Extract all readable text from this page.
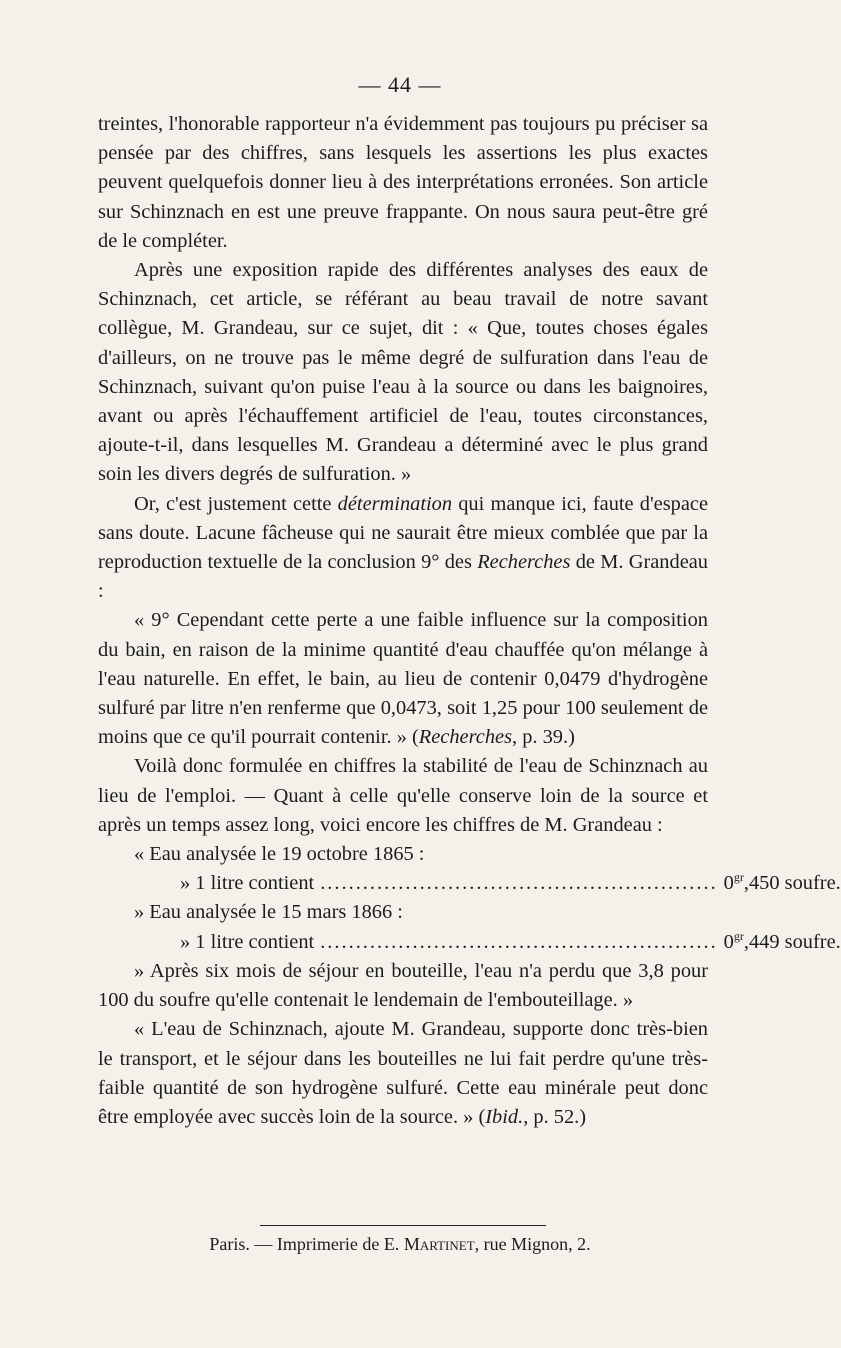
— 44 —

treintes, l'honorable rapporteur n'a évidemment pas toujours pu préciser sa pensée par des chiffres, sans lesquels les assertions les plus exactes peuvent quelquefois donner lieu à des interprétations erronées. Son article sur Schinznach en est une preuve frappante. On nous saura peut-être gré de le compléter.

Après une exposition rapide des différentes analyses des eaux de Schinznach, cet article, se référant au beau travail de notre savant collègue, M. Grandeau, sur ce sujet, dit : « Que, toutes choses égales d'ailleurs, on ne trouve pas le même degré de sulfuration dans l'eau de Schinznach, suivant qu'on puise l'eau à la source ou dans les baignoires, avant ou après l'échauffement artificiel de l'eau, toutes circonstances, ajoute-t-il, dans lesquelles M. Grandeau a déterminé avec le plus grand soin les divers degrés de sulfuration. »

Or, c'est justement cette détermination qui manque ici, faute d'espace sans doute. Lacune fâcheuse qui ne saurait être mieux comblée que par la reproduction textuelle de la conclusion 9° des Recherches de M. Grandeau :

« 9° Cependant cette perte a une faible influence sur la composition du bain, en raison de la minime quantité d'eau chauffée qu'on mélange à l'eau naturelle. En effet, le bain, au lieu de contenir 0,0479 d'hydrogène sulfuré par litre n'en renferme que 0,0473, soit 1,25 pour 100 seulement de moins que ce qu'il pourrait contenir. » (Recherches, p. 39.)

Voilà donc formulée en chiffres la stabilité de l'eau de Schinznach au lieu de l'emploi. — Quant à celle qu'elle conserve loin de la source et après un temps assez long, voici encore les chiffres de M. Grandeau :

« Eau analysée le 19 octobre 1865 :

» 1 litre contient ........................................................ $0^{gr},450$ soufre.

» Eau analysée le 15 mars 1866 :

» 1 litre contient ........................................................ $0^{gr},449$ soufre.

» Après six mois de séjour en bouteille, l'eau n'a perdu que 3,8 pour 100 du soufre qu'elle contenait le lendemain de l'embouteillage. »

« L'eau de Schinznach, ajoute M. Grandeau, supporte donc très-bien le transport, et le séjour dans les bouteilles ne lui fait perdre qu'une très-faible quantité de son hydrogène sulfuré. Cette eau minérale peut donc être employée avec succès loin de la source. » (Ibid., p. 52.)

Paris. — Imprimerie de E. Martinet, rue Mignon, 2.
